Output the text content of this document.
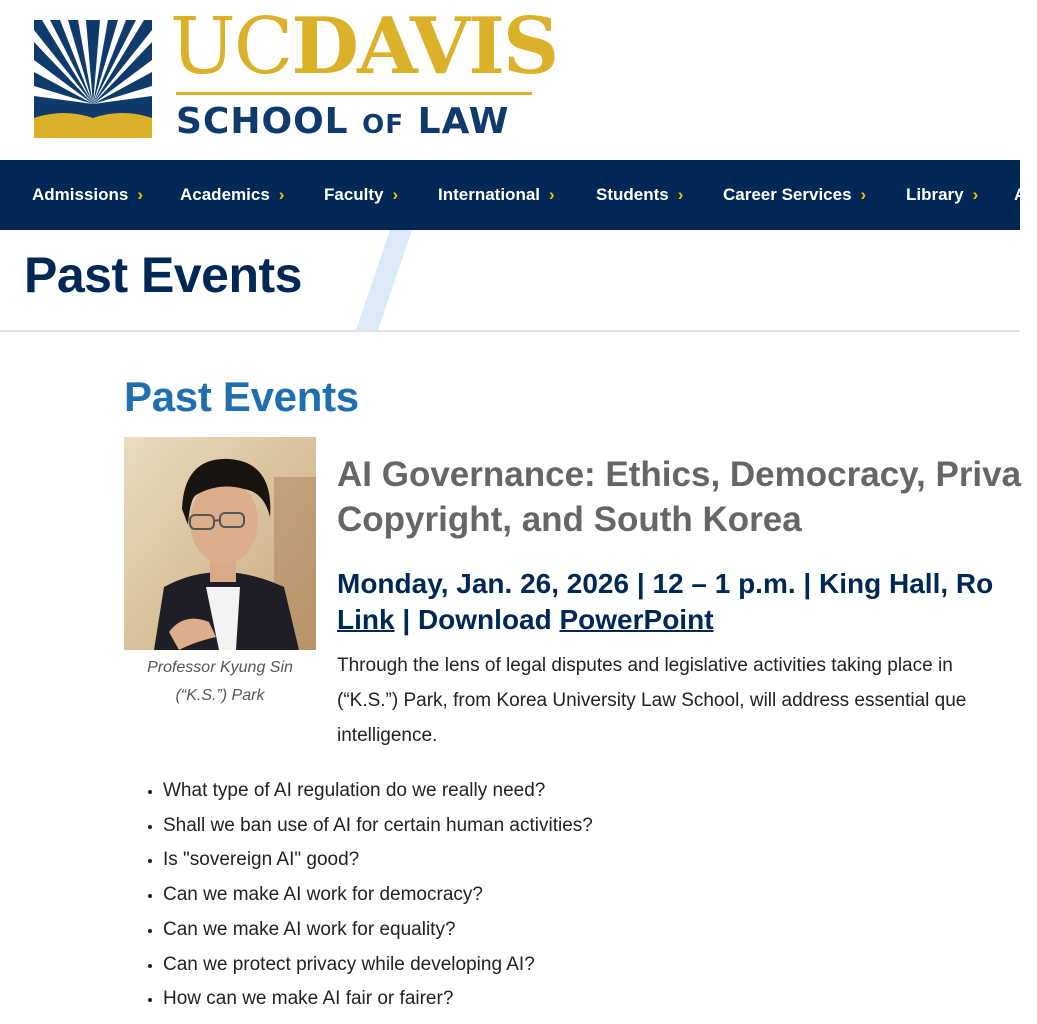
UCDAVIS
SCHOOL OF LAW
Admissions › Academics › Faculty › International › Students › Career Services › Library › A
Past Events
Past Events
Professor Kyung Sin
(“K.S.”) Park
AI Governance: Ethics, Democracy, Priva
Copyright, and South Korea
Monday, Jan. 26, 2026 | 12 – 1 p.m. | King Hall, Ro
Link | Download PowerPoint
Through the lens of legal disputes and legislative activities taking place in
(“K.S.”) Park, from Korea University Law School, will address essential que
intelligence.
• What type of AI regulation do we really need?
• Shall we ban use of AI for certain human activities?
• Is "sovereign AI" good?
• Can we make AI work for democracy?
• Can we make AI work for equality?
• Can we protect privacy while developing AI?
• How can we make AI fair or fairer?
